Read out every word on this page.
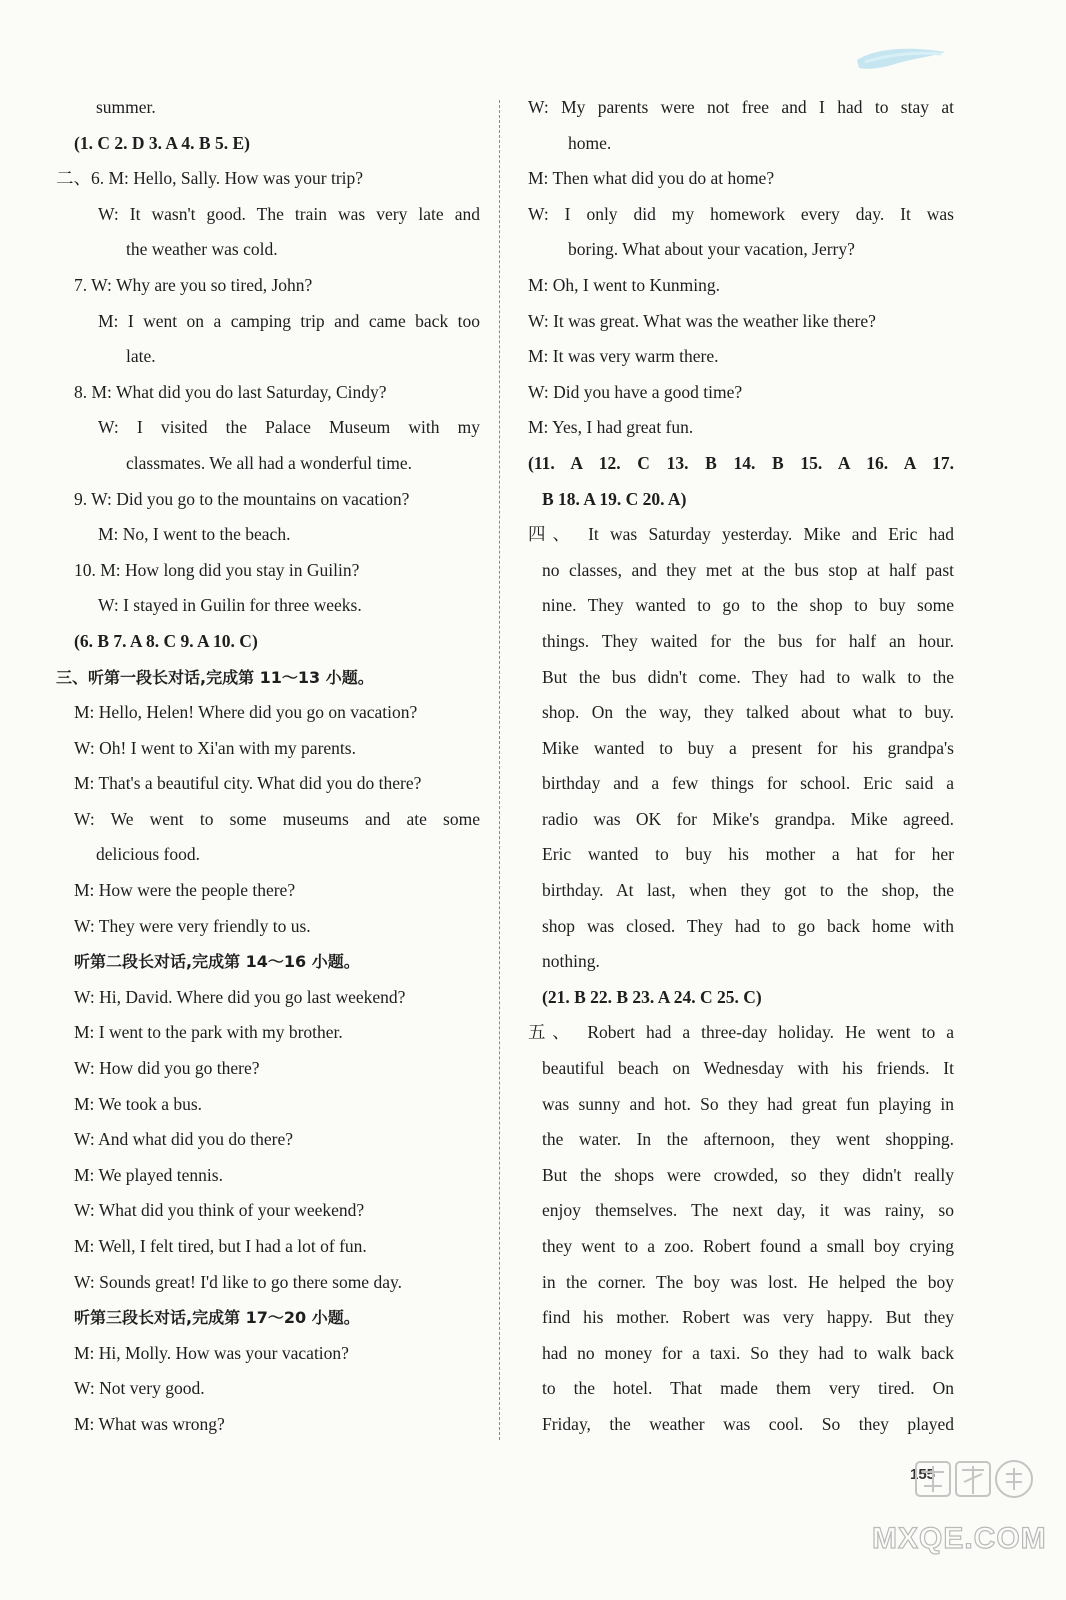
summer.
(1. C 2. D 3. A 4. B 5. E)
二、6. M: Hello, Sally. How was your trip?
W: It wasn't good. The train was very late and
the weather was cold.
7. W: Why are you so tired, John?
M: I went on a camping trip and came back too
late.
8. M: What did you do last Saturday, Cindy?
W: I visited the Palace Museum with my
classmates. We all had a wonderful time.
9. W: Did you go to the mountains on vacation?
M: No, I went to the beach.
10. M: How long did you stay in Guilin?
W: I stayed in Guilin for three weeks.
(6. B 7. A 8. C 9. A 10. C)
三、听第一段长对话,完成第 11～13 小题。
M: Hello, Helen! Where did you go on vacation?
W: Oh! I went to Xi'an with my parents.
M: That's a beautiful city. What did you do there?
W: We went to some museums and ate some
delicious food.
M: How were the people there?
W: They were very friendly to us.
听第二段长对话,完成第 14～16 小题。
W: Hi, David. Where did you go last weekend?
M: I went to the park with my brother.
W: How did you go there?
M: We took a bus.
W: And what did you do there?
M: We played tennis.
W: What did you think of your weekend?
M: Well, I felt tired, but I had a lot of fun.
W: Sounds great! I'd like to go there some day.
听第三段长对话,完成第 17～20 小题。
M: Hi, Molly. How was your vacation?
W: Not very good.
M: What was wrong?
W: My parents were not free and I had to stay at
home.
M: Then what did you do at home?
W: I only did my homework every day. It was
boring. What about your vacation, Jerry?
M: Oh, I went to Kunming.
W: It was great. What was the weather like there?
M: It was very warm there.
W: Did you have a good time?
M: Yes, I had great fun.
(11. A 12. C 13. B 14. B 15. A 16. A 17.
B 18. A 19. C 20. A)
四、 It was Saturday yesterday. Mike and Eric had
no classes, and they met at the bus stop at half past
nine. They wanted to go to the shop to buy some
things. They waited for the bus for half an hour.
But the bus didn't come. They had to walk to the
shop. On the way, they talked about what to buy.
Mike wanted to buy a present for his grandpa's
birthday and a few things for school. Eric said a
radio was OK for Mike's grandpa. Mike agreed.
Eric wanted to buy his mother a hat for her
birthday. At last, when they got to the shop, the
shop was closed. They had to go back home with
nothing.
(21. B 22. B 23. A 24. C 25. C)
五、 Robert had a three-day holiday. He went to a
beautiful beach on Wednesday with his friends. It
was sunny and hot. So they had great fun playing in
the water. In the afternoon, they went shopping.
But the shops were crowded, so they didn't really
enjoy themselves. The next day, it was rainy, so
they went to a zoo. Robert found a small boy crying
in the corner. The boy was lost. He helped the boy
find his mother. Robert was very happy. But they
had no money for a taxi. So they had to walk back
to the hotel. That made them very tired. On
Friday, the weather was cool. So they played
155
MXQE.COM
